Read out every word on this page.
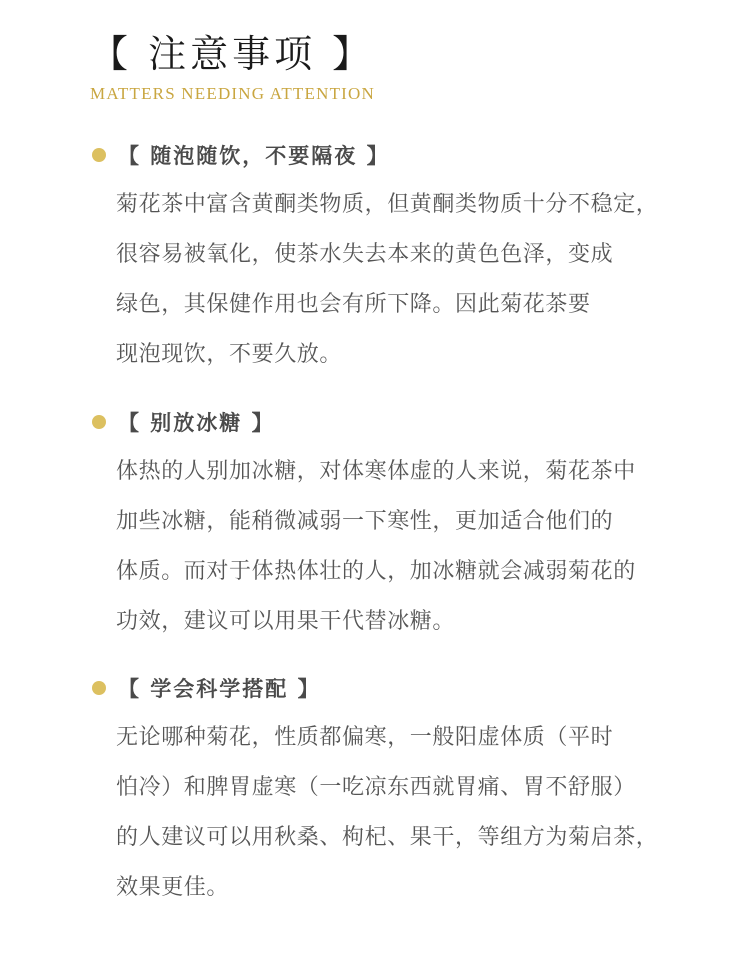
【 注意事项 】
MATTERS NEEDING ATTENTION
【 随泡随饮，不要隔夜 】
菊花茶中富含黄酮类物质，但黄酮类物质十分不稳定，
很容易被氧化，使茶水失去本来的黄色色泽，变成
绿色，其保健作用也会有所下降。因此菊花茶要
现泡现饮，不要久放。
【 别放冰糖 】
体热的人别加冰糖，对体寒体虚的人来说，菊花茶中
加些冰糖，能稍微减弱一下寒性，更加适合他们的
体质。而对于体热体壮的人，加冰糖就会减弱菊花的
功效，建议可以用果干代替冰糖。
【 学会科学搭配 】
无论哪种菊花，性质都偏寒，一般阳虚体质（平时
怕冷）和脾胃虚寒（一吃凉东西就胃痛、胃不舒服）
的人建议可以用秋桑、枸杞、果干，等组方为菊启茶，
效果更佳。
